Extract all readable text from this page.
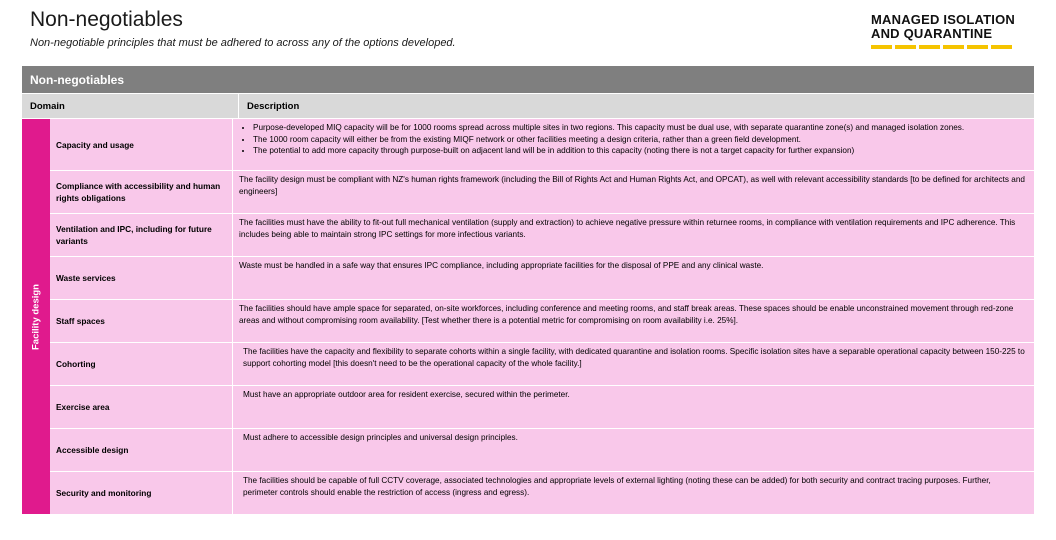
Non-negotiables
Non-negotiable principles that must be adhered to across any of the options developed.
MANAGED ISOLATION
AND QUARANTINE
Non-negotiables
Domain	Description
Facility design
Capacity and usage
• Purpose-developed MIQ capacity will be for 1000 rooms spread across multiple sites in two regions. This capacity must be dual use, with separate quarantine zone(s) and managed isolation zones.
• The 1000 room capacity will either be from the existing MIQF network or other facilities meeting a design criteria, rather than a green field development.
• The potential to add more capacity through purpose-built on adjacent land will be in addition to this capacity (noting there is not a target capacity for further expansion)
Compliance with accessibility and human rights obligations
The facility design must be compliant with NZ's human rights framework (including the Bill of Rights Act and Human Rights Act, and OPCAT), as well with relevant accessibility standards [to be defined for architects and engineers]
Ventilation and IPC, including for future variants
The facilities must have the ability to fit-out full mechanical ventilation (supply and extraction) to achieve negative pressure within returnee rooms, in compliance with ventilation requirements and IPC adherence. This includes being able to maintain strong IPC settings for more infectious variants.
Waste services
Waste must be handled in a safe way that ensures IPC compliance, including appropriate facilities for the disposal of PPE and any clinical waste.
Staff spaces
The facilities should have ample space for separated, on-site workforces, including conference and meeting rooms, and staff break areas. These spaces should be enable unconstrained movement through red-zone areas and without compromising room availability. [Test whether there is a potential metric for compromising on room availability i.e. 25%].
Cohorting
The facilities have the capacity and flexibility to separate cohorts within a single facility, with dedicated quarantine and isolation rooms. Specific isolation sites have a separable operational capacity between 150-225 to support cohorting model [this doesn't need to be the operational capacity of the whole facility.]
Exercise area
Must have an appropriate outdoor area for resident exercise, secured within the perimeter.
Accessible design
Must adhere to accessible design principles and universal design principles.
Security and monitoring
The facilities should be capable of full CCTV coverage, associated technologies and appropriate levels of external lighting (noting these can be added) for both security and contract tracing purposes. Further, perimeter controls should enable the restriction of access (ingress and egress).
